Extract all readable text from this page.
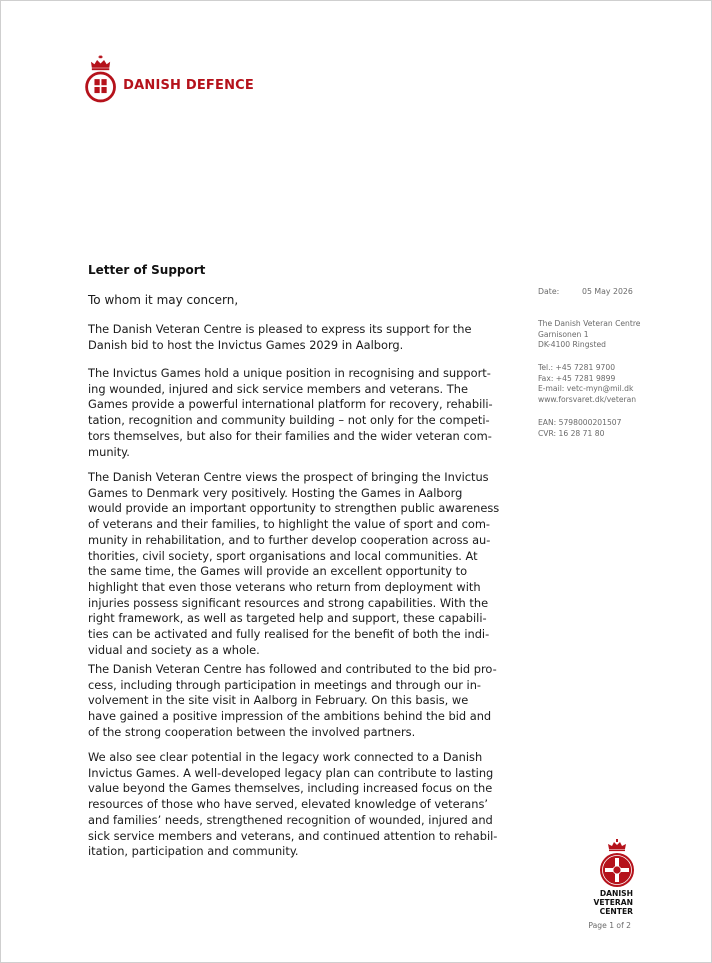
DANISH DEFENCE
Letter of Support
To whom it may concern,
The Danish Veteran Centre is pleased to express its support for the
Danish bid to host the Invictus Games 2029 in Aalborg.
The Invictus Games hold a unique position in recognising and support-
ing wounded, injured and sick service members and veterans. The
Games provide a powerful international platform for recovery, rehabili-
tation, recognition and community building – not only for the competi-
tors themselves, but also for their families and the wider veteran com-
munity.
The Danish Veteran Centre views the prospect of bringing the Invictus
Games to Denmark very positively. Hosting the Games in Aalborg
would provide an important opportunity to strengthen public awareness
of veterans and their families, to highlight the value of sport and com-
munity in rehabilitation, and to further develop cooperation across au-
thorities, civil society, sport organisations and local communities. At
the same time, the Games will provide an excellent opportunity to
highlight that even those veterans who return from deployment with
injuries possess significant resources and strong capabilities. With the
right framework, as well as targeted help and support, these capabili-
ties can be activated and fully realised for the benefit of both the indi-
vidual and society as a whole.
The Danish Veteran Centre has followed and contributed to the bid pro-
cess, including through participation in meetings and through our in-
volvement in the site visit in Aalborg in February. On this basis, we
have gained a positive impression of the ambitions behind the bid and
of the strong cooperation between the involved partners.
We also see clear potential in the legacy work connected to a Danish
Invictus Games. A well-developed legacy plan can contribute to lasting
value beyond the Games themselves, including increased focus on the
resources of those who have served, elevated knowledge of veterans’
and families’ needs, strengthened recognition of wounded, injured and
sick service members and veterans, and continued attention to rehabil-
itation, participation and community.
Date:	05 May 2026
The Danish Veteran Centre
Garnisonen 1
DK-4100 Ringsted
Tel.: +45 7281 9700
Fax: +45 7281 9899
E-mail: vetc-myn@mil.dk
www.forsvaret.dk/veteran
EAN: 5798000201507
CVR: 16 28 71 80
DANISH
VETERAN CENTER
Page 1 of 2
